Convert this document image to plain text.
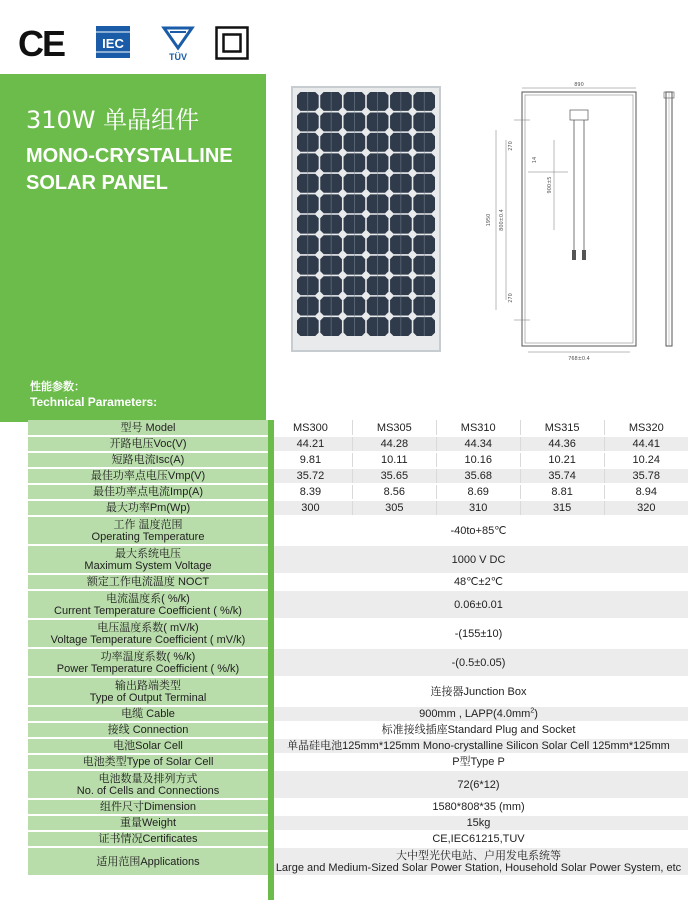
CE	IEC
TÜV
310W 单晶组件
MONO-CRYSTALLINE
SOLAR PANEL
性能参数：
Technical Parameters:
890
768±0.4
1950 800±0.4
270
270
900±5
14
型号 Model	MS300	MS305	MS310	MS315	MS320
开路电压Voc(V)	44.21	44.28	44.34	44.36	44.41
短路电流Isc(A)	9.81	10.11	10.16	10.21	10.24
最佳功率点电压Vmp(V)	35.72	35.65	35.68	35.74	35.78
最佳功率点电流Imp(A)	8.39	8.56	8.69	8.81	8.94
最大功率Pm(Wp)	300	305	310	315	320

工作 温度范围
Operating Temperature	-40to+85℃				

最大系统电压
Maximum System Voltage	1000 V DC				
额定工作电流温度 NOCT	48℃±2℃				

电流温度系( %/k)
Current Temperature Coefficient ( %/k)	0.06±0.01				

电压温度系数( mV/k)
Voltage Temperature Coefficient ( mV/k)	-(155±10)				

功率温度系数( %/k)
Power Temperature Coefficient ( %/k)	-(0.5±0.05)				

输出路端类型
Type of Output Terminal	连接器Junction Box				
电缆 Cable	900mm , $LAPP(4.0mm^2)$				
接线 Connection	标准接线插座Standard Plug and Socket				
电池Solar Cell	单晶硅电池125mm*125mm Mono-crystalline Silicon Solar Cell 125mm*125mm				
电池类型Type of Solar Cell	P型Type P				

电池数量及排列方式
No. of Cells and Connections	72(6*12)				
组件尺寸Dimension	1580*808*35 (mm)				
重量Weight	15kg				
证书情况Certificates	CE,IEC61215,TUV				
适用范围Applications	大中型光伏电站、户用发电系统等
Large and Medium-Sized Solar Power Station, Household Solar Power System, etc				
